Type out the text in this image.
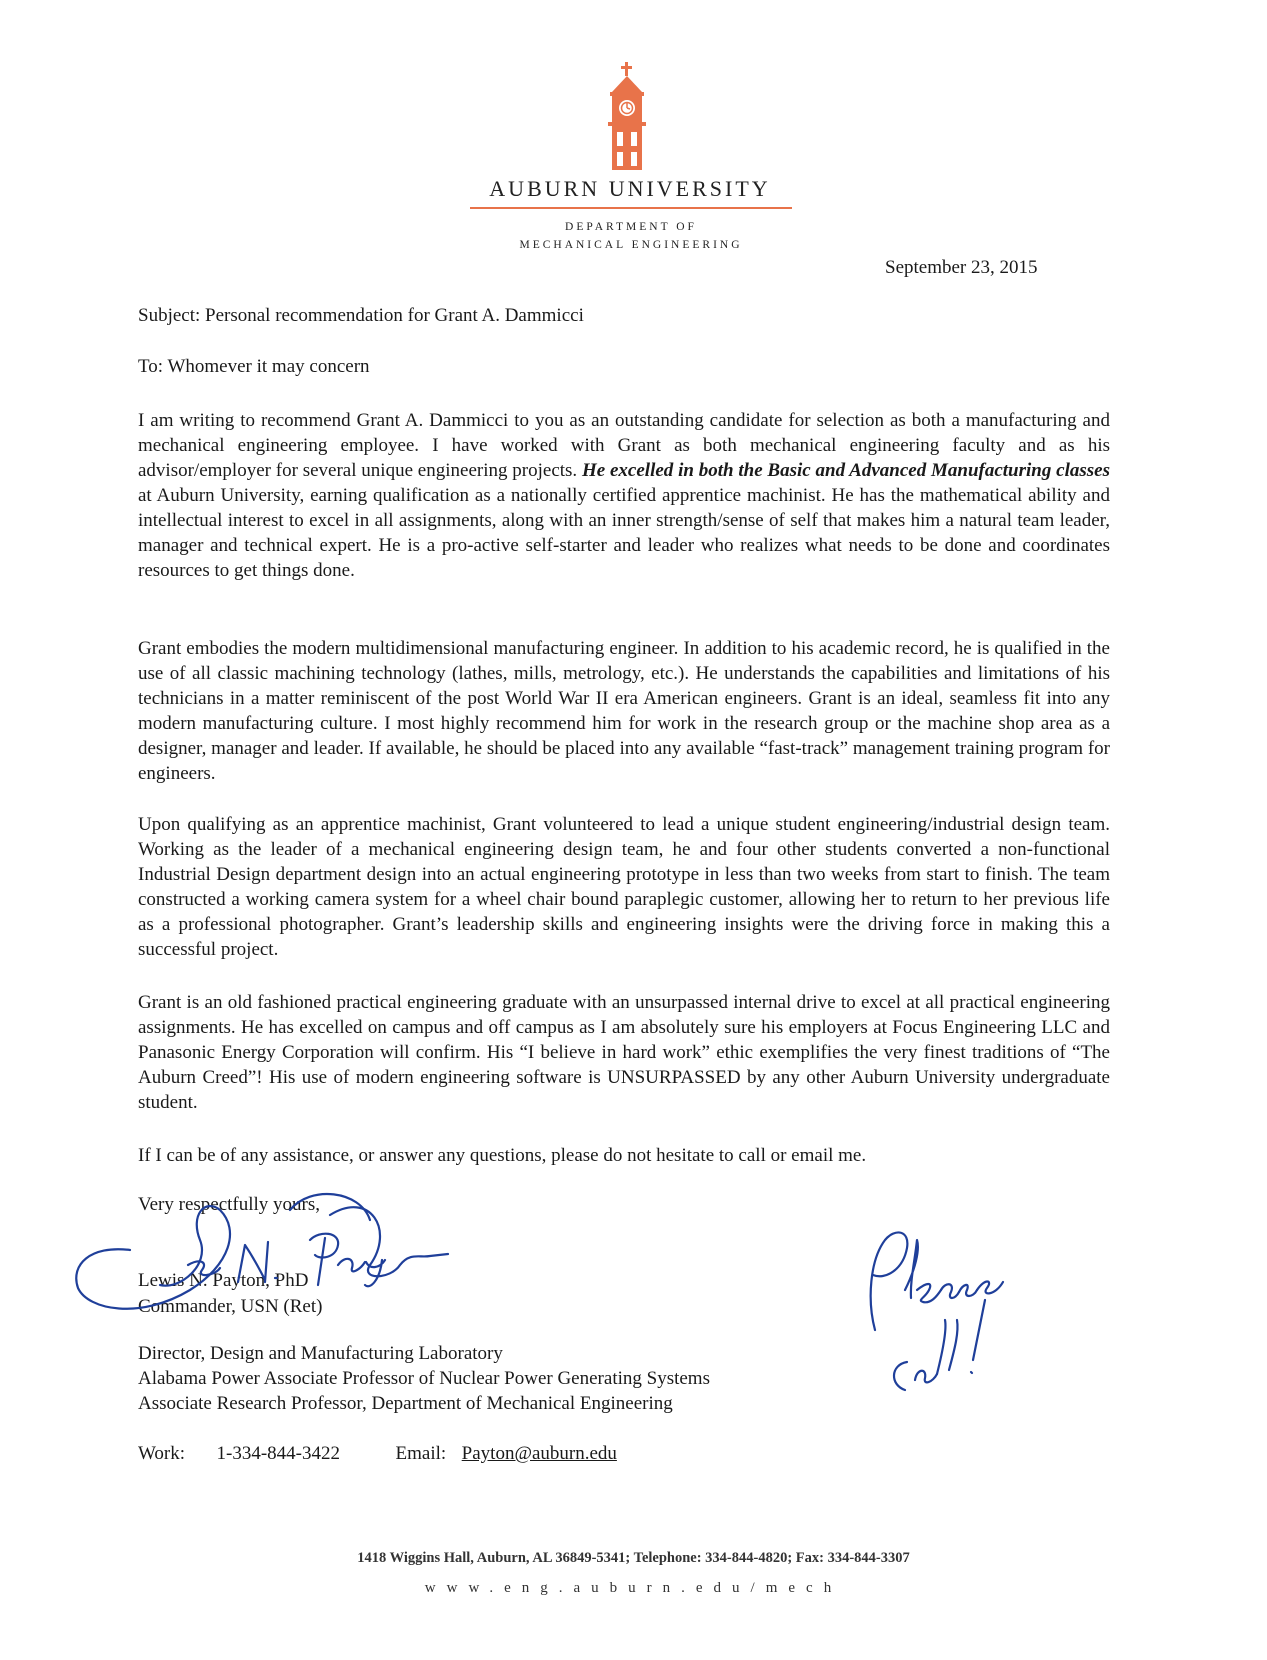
AUBURN UNIVERSITY
DEPARTMENT OF
MECHANICAL ENGINEERING
September 23, 2015
Subject: Personal recommendation for Grant A. Dammicci
To: Whomever it may concern
I am writing to recommend Grant A. Dammicci to you as an outstanding candidate for selection as both a manufacturing and mechanical engineering employee. I have worked with Grant as both mechanical engineering faculty and as his advisor/employer for several unique engineering projects. He excelled in both the Basic and Advanced Manufacturing classes at Auburn University, earning qualification as a nationally certified apprentice machinist. He has the mathematical ability and intellectual interest to excel in all assignments, along with an inner strength/sense of self that makes him a natural team leader, manager and technical expert. He is a pro-active self-starter and leader who realizes what needs to be done and coordinates resources to get things done.
Grant embodies the modern multidimensional manufacturing engineer. In addition to his academic record, he is qualified in the use of all classic machining technology (lathes, mills, metrology, etc.). He understands the capabilities and limitations of his technicians in a matter reminiscent of the post World War II era American engineers. Grant is an ideal, seamless fit into any modern manufacturing culture. I most highly recommend him for work in the research group or the machine shop area as a designer, manager and leader. If available, he should be placed into any available “fast-track” management training program for engineers.
Upon qualifying as an apprentice machinist, Grant volunteered to lead a unique student engineering/industrial design team. Working as the leader of a mechanical engineering design team, he and four other students converted a non-functional Industrial Design department design into an actual engineering prototype in less than two weeks from start to finish. The team constructed a working camera system for a wheel chair bound paraplegic customer, allowing her to return to her previous life as a professional photographer. Grant’s leadership skills and engineering insights were the driving force in making this a successful project.
Grant is an old fashioned practical engineering graduate with an unsurpassed internal drive to excel at all practical engineering assignments. He has excelled on campus and off campus as I am absolutely sure his employers at Focus Engineering LLC and Panasonic Energy Corporation will confirm. His “I believe in hard work” ethic exemplifies the very finest traditions of “The Auburn Creed”! His use of modern engineering software is UNSURPASSED by any other Auburn University undergraduate student.
If I can be of any assistance, or answer any questions, please do not hesitate to call or email me.
Very respectfully yours,
Lewis N. Payton, PhD
Commander, USN (Ret)
Director, Design and Manufacturing Laboratory
Alabama Power Associate Professor of Nuclear Power Generating Systems
Associate Research Professor, Department of Mechanical Engineering
Work: 1-334-844-3422	Email: Payton@auburn.edu
1418 Wiggins Hall, Auburn, AL 36849-5341; Telephone: 334-844-4820; Fax: 334-844-3307
www.eng.auburn.edu/mech
